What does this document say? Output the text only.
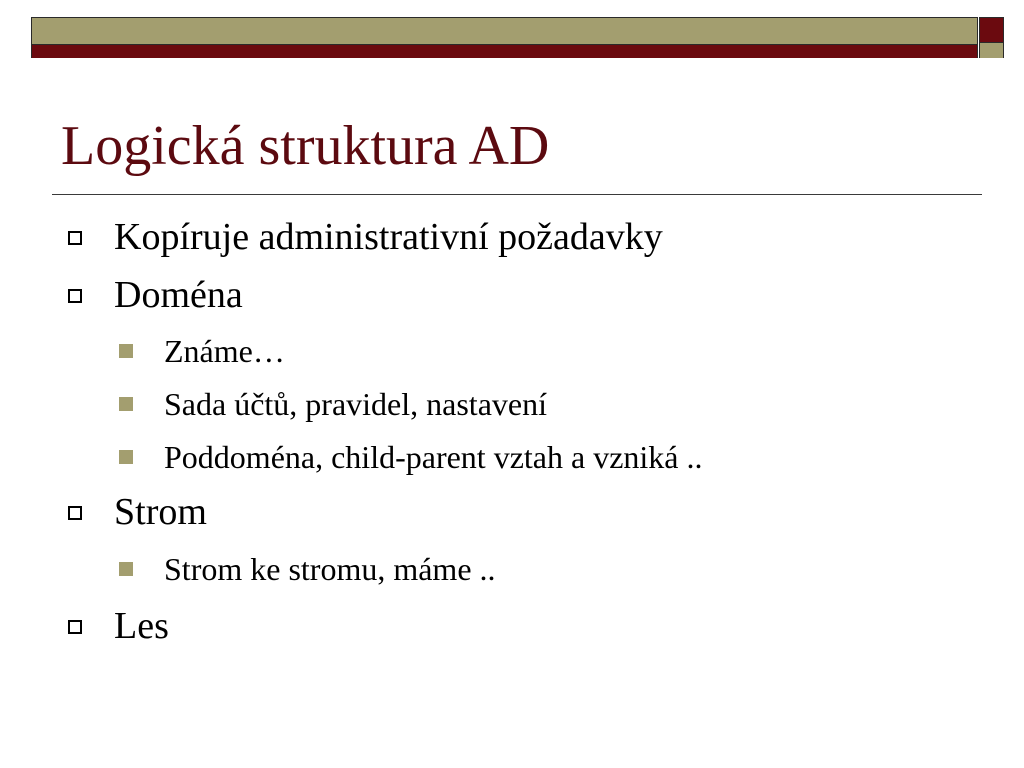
Logická struktura AD
Kopíruje administrativní požadavky
Doména
Známe…
Sada účtů, pravidel, nastavení
Poddoména, child-parent vztah a vzniká ..
Strom
Strom ke stromu, máme ..
Les
